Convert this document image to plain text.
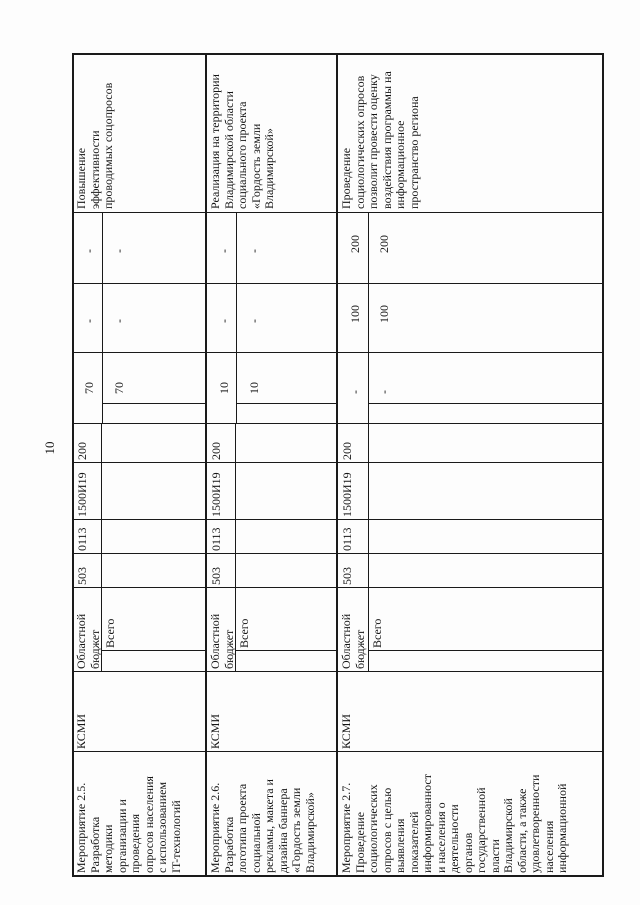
10
Мероприятие 2.5.
Разработка
методики
организации и
проведения
опросов населения
с использованием
IT-технологий
КСМИ
Областной
бюджет Всего
503
0113
1500И19
200
70
-
-
70
-
-
Повышение
эффективности
проводимых соцопросов
Мероприятие 2.6.
Разработка
логотипа проекта
социальной
рекламы, макета и
дизайна баннера
«Гордость земли
Владимирской»
КСМИ
Областной
бюджет Всего
503
0113
1500И19
200
10
-
-
10
-
-
Реализация на территории
Владимирской области
социального проекта
«Гордость земли
Владимирской»
Мероприятие 2.7.
Проведение
социологических
опросов с целью
выявления
показателей
информированност
и населения о
деятельности
органов
государственной
власти
Владимирской
области, а также
удовлетворенности
населения
информационной
КСМИ
Областной
бюджет Всего
503
0113
1500И19
200
-
100
200
-
100
200
Проведение
социологических опросов
позволит провести оценку
воздействия программы на
информационное
пространство региона
